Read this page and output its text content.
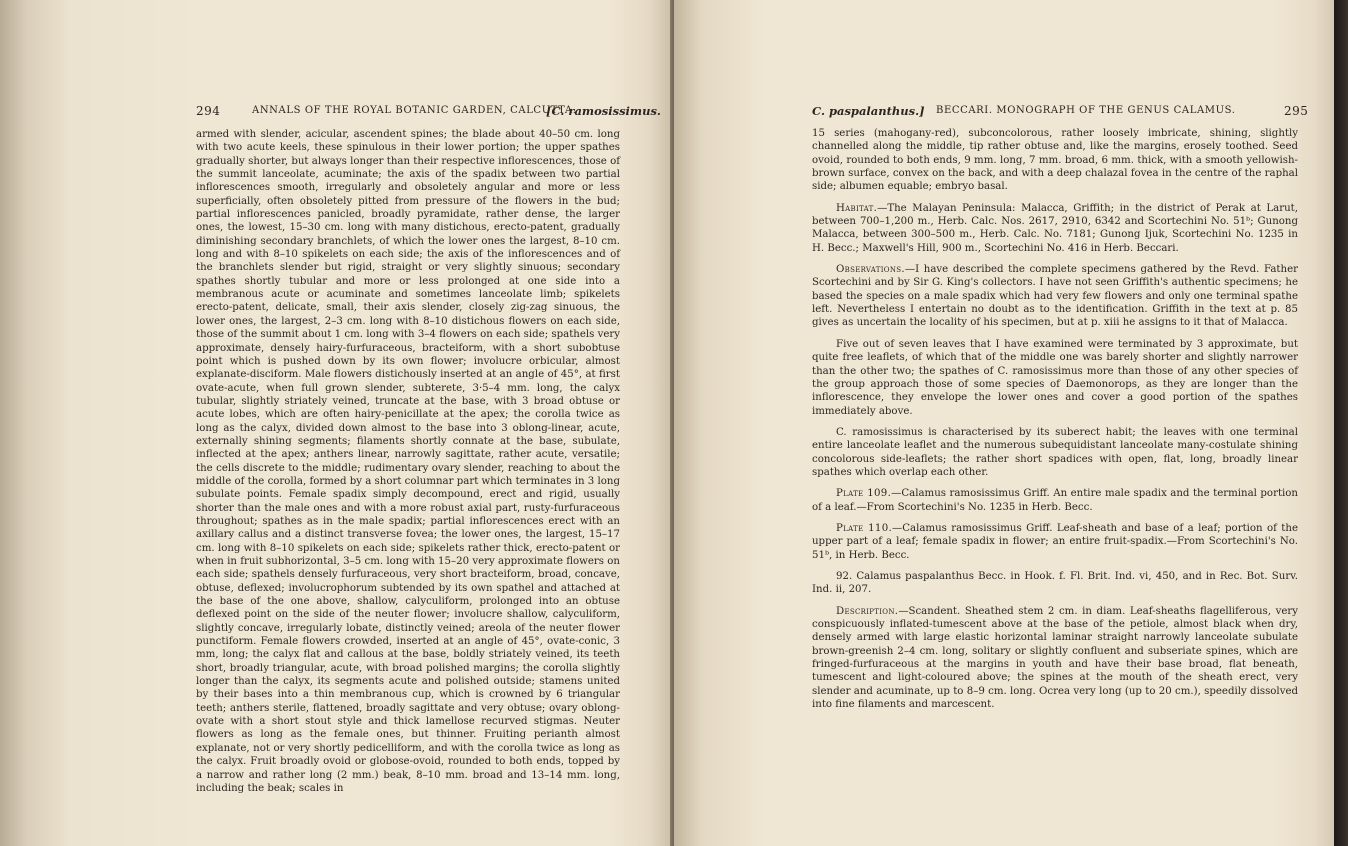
294	ANNALS OF THE ROYAL BOTANIC GARDEN, CALCUTTA.
[C. ramosissimus.

armed with slender, acicular, ascendent spines; the blade about 40–50 cm. long with two acute keels, these spinulous in their lower portion; the upper spathes gradually shorter, but always longer than their respective inflorescences, those of the summit lanceolate, acuminate; the axis of the spadix between two partial inflorescences smooth, irregularly and obsoletely angular and more or less superficially, often obsoletely pitted from pressure of the flowers in the bud; partial inflorescences panicled, broadly pyramidate, rather dense, the larger ones, the lowest, 15–30 cm. long with many distichous, erecto-patent, gradually diminishing secondary branchlets, of which the lower ones the largest, 8–10 cm. long and with 8–10 spikelets on each side; the axis of the inflorescences and of the branchlets slender but rigid, straight or very slightly sinuous; secondary spathes shortly tubular and more or less prolonged at one side into a membranous acute or acuminate and sometimes lanceolate limb; spikelets erecto-patent, delicate, small, their axis slender, closely zig-zag sinuous, the lower ones, the largest, 2–3 cm. long with 8–10 distichous flowers on each side, those of the summit about 1 cm. long with 3–4 flowers on each side; spathels very approximate, densely hairy-furfuraceous, bracteiform, with a short subobtuse point which is pushed down by its own flower; involucre orbicular, almost explanate-disciform. Male flowers distichously inserted at an angle of 45°, at first ovate-acute, when full grown slender, subterete, 3·5–4 mm. long, the calyx tubular, slightly striately veined, truncate at the base, with 3 broad obtuse or acute lobes, which are often hairy-penicillate at the apex; the corolla twice as long as the calyx, divided down almost to the base into 3 oblong-linear, acute, externally shining segments; filaments shortly connate at the base, subulate, inflected at the apex; anthers linear, narrowly sagittate, rather acute, versatile; the cells discrete to the middle; rudimentary ovary slender, reaching to about the middle of the corolla, formed by a short columnar part which terminates in 3 long subulate points. Female spadix simply decompound, erect and rigid, usually shorter than the male ones and with a more robust axial part, rusty-furfuraceous throughout; spathes as in the male spadix; partial inflorescences erect with an axillary callus and a distinct transverse fovea; the lower ones, the largest, 15–17 cm. long with 8–10 spikelets on each side; spikelets rather thick, erecto-patent or when in fruit subhorizontal, 3–5 cm. long with 15–20 very approximate flowers on each side; spathels densely furfuraceous, very short bracteiform, broad, concave, obtuse, deflexed; involucrophorum subtended by its own spathel and attached at the base of the one above, shallow, calyculiform, prolonged into an obtuse deflexed point on the side of the neuter flower; involucre shallow, calyculiform, slightly concave, irregularly lobate, distinctly veined; areola of the neuter flower punctiform. Female flowers crowded, inserted at an angle of 45°, ovate-conic, 3 mm, long; the calyx flat and callous at the base, boldly striately veined, its teeth short, broadly triangular, acute, with broad polished margins; the corolla slightly longer than the calyx, its segments acute and polished outside; stamens united by their bases into a thin membranous cup, which is crowned by 6 triangular teeth; anthers sterile, flattened, broadly sagittate and very obtuse; ovary oblong-ovate with a short stout style and thick lamellose recurved stigmas. Neuter flowers as long as the female ones, but thinner. Fruiting perianth almost explanate, not or very shortly pedicelliform, and with the corolla twice as long as the calyx. Fruit broadly ovoid or globose-ovoid, rounded to both ends, topped by a narrow and rather long (2 mm.) beak, 8–10 mm. broad and 13–14 mm. long, including the beak; scales in

C. paspalanthus.] BECCARI. MONOGRAPH OF THE GENUS CALAMUS.	295

15 series (mahogany-red), subconcolorous, rather loosely imbricate, shining, slightly channelled along the middle, tip rather obtuse and, like the margins, erosely toothed. Seed ovoid, rounded to both ends, 9 mm. long, 7 mm. broad, 6 mm. thick, with a smooth yellowish-brown surface, convex on the back, and with a deep chalazal fovea in the centre of the raphal side; albumen equable; embryo basal.

Habitat.—The Malayan Peninsula: Malacca, Griffith; in the district of Perak at Larut, between 700–1,200 m., Herb. Calc. Nos. 2617, 2910, 6342 and Scortechini No. 51ᵇ; Gunong Malacca, between 300–500 m., Herb. Calc. No. 7181; Gunong Ijuk, Scortechini No. 1235 in H. Becc.; Maxwell's Hill, 900 m., Scortechini No. 416 in Herb. Beccari.

Observations.—I have described the complete specimens gathered by the Revd. Father Scortechini and by Sir G. King's collectors. I have not seen Griffith's authentic specimens; he based the species on a male spadix which had very few flowers and only one terminal spathe left. Nevertheless I entertain no doubt as to the identification. Griffith in the text at p. 85 gives as uncertain the locality of his specimen, but at p. xiii he assigns to it that of Malacca.

Five out of seven leaves that I have examined were terminated by 3 approximate, but quite free leaflets, of which that of the middle one was barely shorter and slightly narrower than the other two; the spathes of C. ramosissimus more than those of any other species of the group approach those of some species of Daemonorops, as they are longer than the inflorescence, they envelope the lower ones and cover a good portion of the spathes immediately above.

C. ramosissimus is characterised by its suberect habit; the leaves with one terminal entire lanceolate leaflet and the numerous subequidistant lanceolate many-costulate shining concolorous side-leaflets; the rather short spadices with open, flat, long, broadly linear spathes which overlap each other.

Plate 109.—Calamus ramosissimus Griff. An entire male spadix and the terminal portion of a leaf.—From Scortechini's No. 1235 in Herb. Becc.

Plate 110.—Calamus ramosissimus Griff. Leaf-sheath and base of a leaf; portion of the upper part of a leaf; female spadix in flower; an entire fruit-spadix.—From Scortechini's No. 51ᵇ, in Herb. Becc.

92. Calamus paspalanthus Becc. in Hook. f. Fl. Brit. Ind. vi, 450, and in Rec. Bot. Surv. Ind. ii, 207.

Description.—Scandent. Sheathed stem 2 cm. in diam. Leaf-sheaths flagelliferous, very conspicuously inflated-tumescent above at the base of the petiole, almost black when dry, densely armed with large elastic horizontal laminar straight narrowly lanceolate subulate brown-greenish 2–4 cm. long, solitary or slightly confluent and subseriate spines, which are fringed-furfuraceous at the margins in youth and have their base broad, flat beneath, tumescent and light-coloured above; the spines at the mouth of the sheath erect, very slender and acuminate, up to 8–9 cm. long. Ocrea very long (up to 20 cm.), speedily dissolved into fine filaments and marcescent.
